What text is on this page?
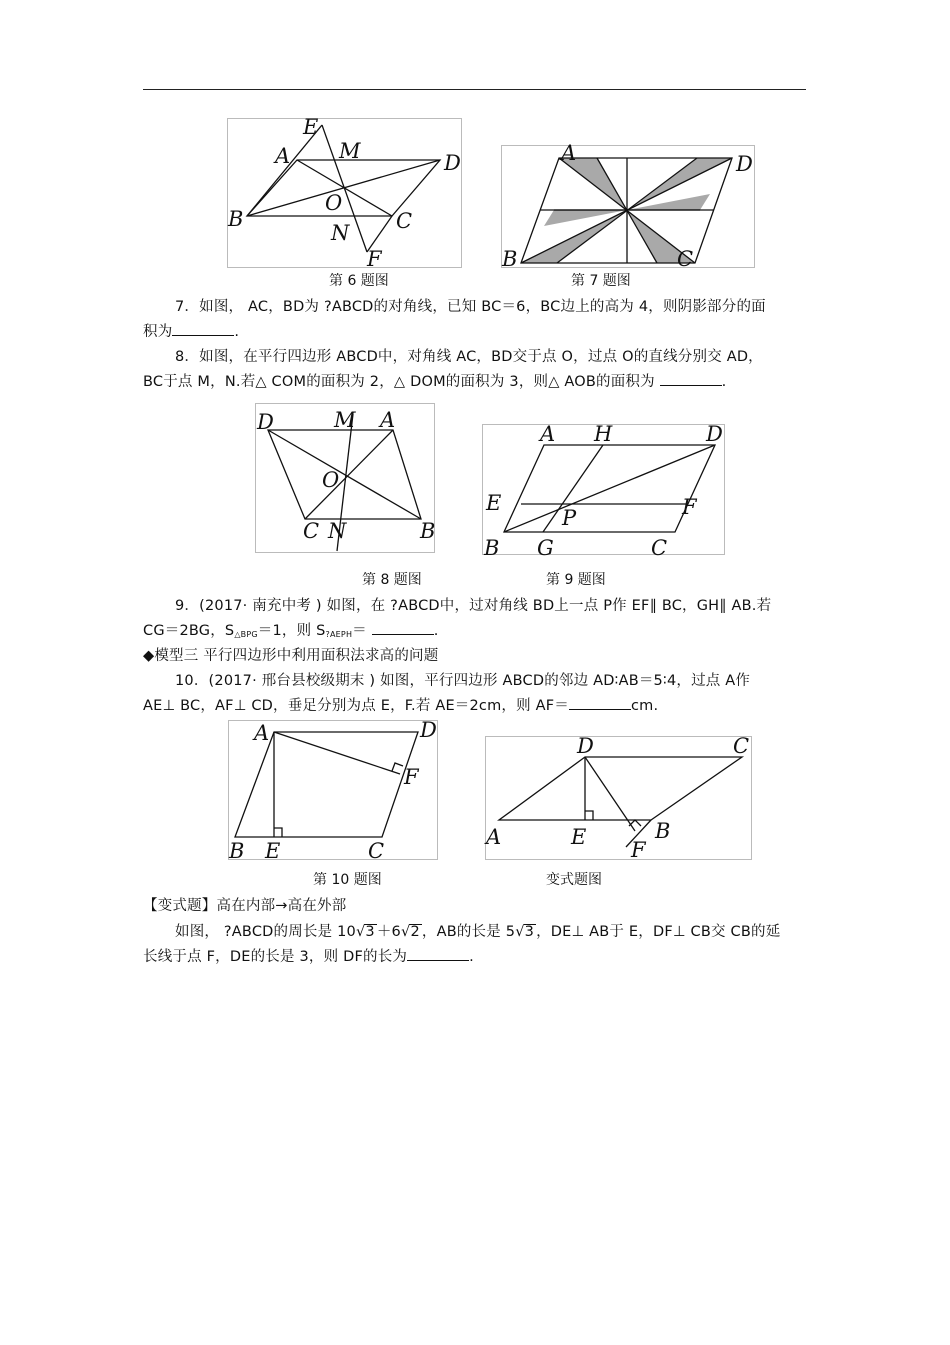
E
M
A	D
B
O
C
N
F
第 6 题图
A	D
B	C
第 7 题图
7．如图， AC，BD为 ?ABCD的对角线，已知 BC＝6，BC边上的高为 4，则阴影部分的面
积为	.
8．如图，在平行四边形 ABCD中，对角线 AC，BD交于点 O，过点 O的直线分别交 AD，
BC于点 M，N.若△ COM的面积为 2，△ DOM的面积为 3，则△ AOB的面积为	.
D	M A
O
C N	B
第 8 题图
A H	D
E	F
P
B G	C
第 9 题图
9．(2017· 南充中考 ) 如图，在 ?ABCD中，过对角线 BD上一点 P作 EF∥ BC，GH∥ AB.若
CG＝2BG，$S_{\triangle BPG}=1$，则 $S_{?AEPH}=$	.
◆模型三 平行四边形中利用面积法求高的问题
10．(2017· 邢台县校级期末 ) 如图，平行四边形 ABCD的邻边 AD∶AB＝5∶4，过点 A作
AE⊥ BC，AF⊥ CD，垂足分别为点 E，F.若 AE＝2cm，则 AF＝	cm.
A	D
F
B E	C
第 10 题图
D	C
A	E	B
F
变式题图
【变式题】高在内部→高在外部
如图， ?ABCD的周长是 10√3 ＋6√2 ，AB的长是 5√3 ，DE⊥ AB于 E，DF⊥ CB交 CB的延
长线于点 F，DE的长是 3，则 DF的长为	.
